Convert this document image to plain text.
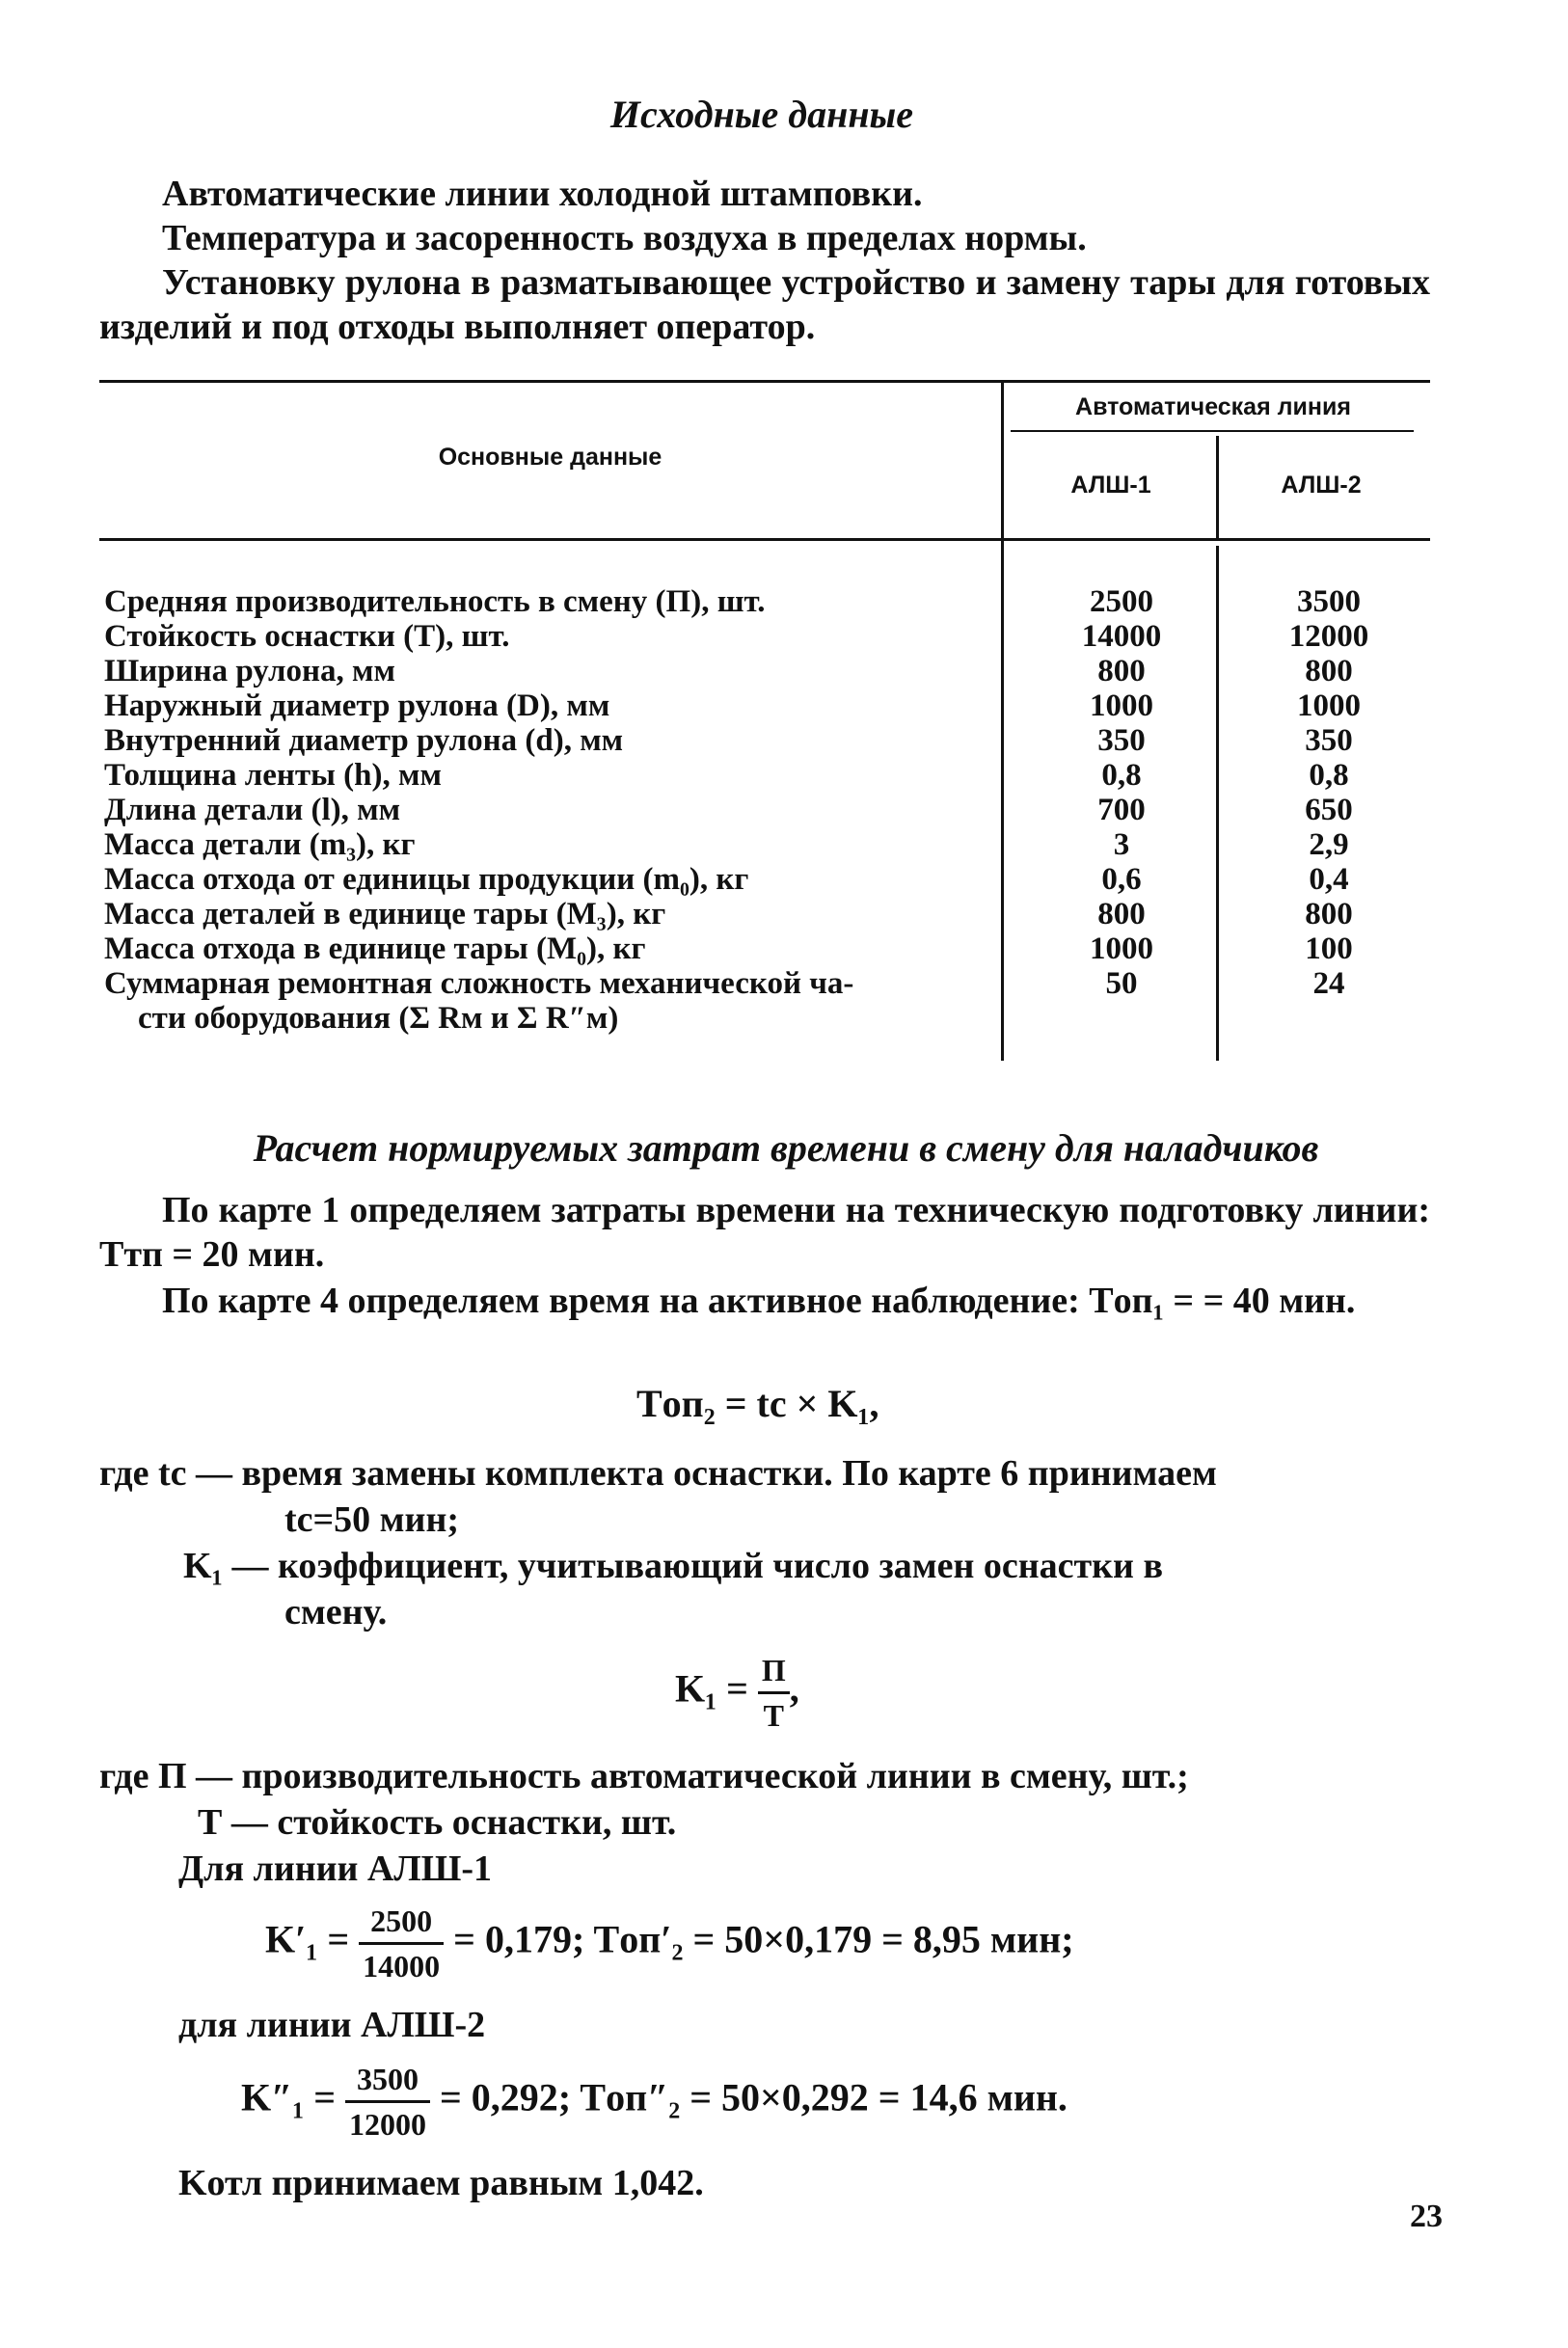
Исходные данные

Автоматические линии холодной штамповки.

Температура и засоренность воздуха в пределах нормы.

Установку рулона в разматывающее устройство и замену тары для готовых изделий и под отходы выполняет оператор.

Основные данные
Автоматическая линия
АЛШ-1	АЛШ-2
Средняя производительность в смену (П), шт.	2500	3500
Стойкость оснастки (Т), шт.	14000	12000
Ширина рулона, мм	800	800
Наружный диаметр рулона (D), мм	1000	1000
Внутренний диаметр рулона (d), мм	350	350
Толщина ленты (h), мм	0,8	0,8
Длина детали (l), мм	700	650
Масса детали (m₃), кг	3	2,9
Масса отхода от единицы продукции (m₀), кг	0,6	0,4
Масса деталей в единице тары (M₃), кг	800	800
Масса отхода в единице тары (M₀), кг	1000	100
Суммарная ремонтная сложность механической ча-	50	24
сти оборудования (Σ Rм и Σ R″м)
Расчет нормируемых затрат времени в смену для наладчиков

По карте 1 определяем затраты времени на техническую подготовку линии: Tтп = 20 мин.

По карте 4 определяем время на активное наблюдение: Tоп₁ = = 40 мин.

Tоп₂ = tс × K₁,
где tс — время замены комплекта оснастки. По карте 6 принимаем
tс=50 мин;
K₁ — коэффициент, учитывающий число замен оснастки в
смену.
$K_1 = \frac{П}{Т}$ ,
где П — производительность автоматической линии в смену, шт.;
Т — стойкость оснастки, шт.
Для линии АЛШ-1
$K'_1 = \frac{2500}{14000} = 0,179$; Tоп′₂ = 50×0,179 = 8,95 мин;
для линии АЛШ-2
$K''_1 = \frac{3500}{12000} = 0,292$; Tоп″₂ = 50×0,292 = 14,6 мин.
Kотл принимаем равным 1,042.
23
